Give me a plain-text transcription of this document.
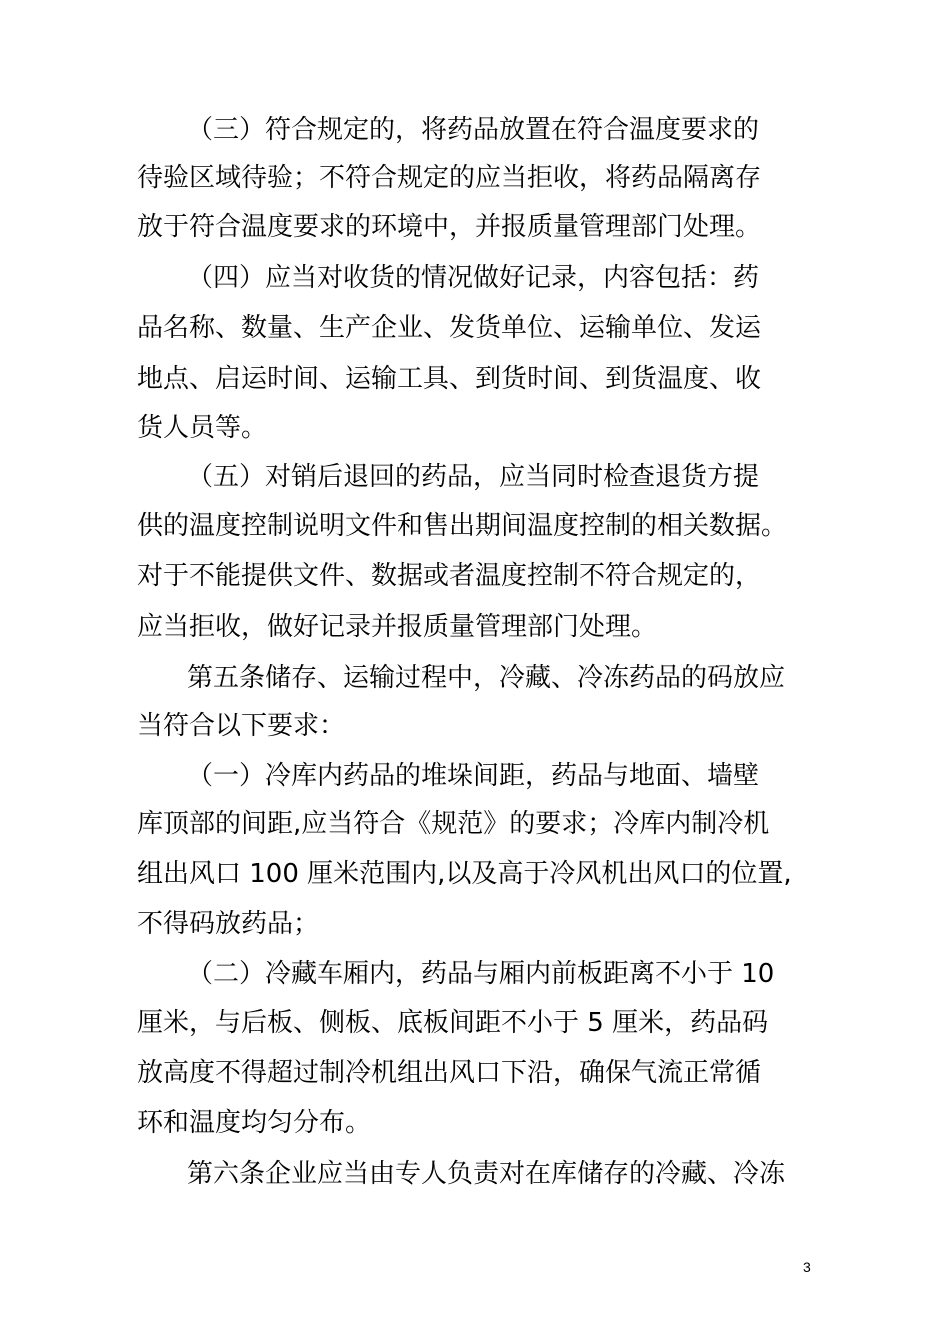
（三）符合规定的，将药品放置在符合温度要求的
待验区域待验；不符合规定的应当拒收，将药品隔离存
放于符合温度要求的环境中，并报质量管理部门处理。
（四）应当对收货的情况做好记录，内容包括：药
品名称、数量、生产企业、发货单位、运输单位、发运
地点、启运时间、运输工具、到货时间、到货温度、收
货人员等。
（五）对销后退回的药品，应当同时检查退货方提
供的温度控制说明文件和售出期间温度控制的相关数据。
对于不能提供文件、数据或者温度控制不符合规定的，
应当拒收，做好记录并报质量管理部门处理。
第五条储存、运输过程中，冷藏、冷冻药品的码放应
当符合以下要求：
（一）冷库内药品的堆垛间距，药品与地面、墙壁
库顶部的间距,应当符合《规范》的要求；冷库内制冷机
组出风口 100 厘米范围内,以及高于冷风机出风口的位置,
不得码放药品；
（二）冷藏车厢内，药品与厢内前板距离不小于 10
厘米，与后板、侧板、底板间距不小于 5 厘米，药品码
放高度不得超过制冷机组出风口下沿，确保气流正常循
环和温度均匀分布。
第六条企业应当由专人负责对在库储存的冷藏、冷冻
3
